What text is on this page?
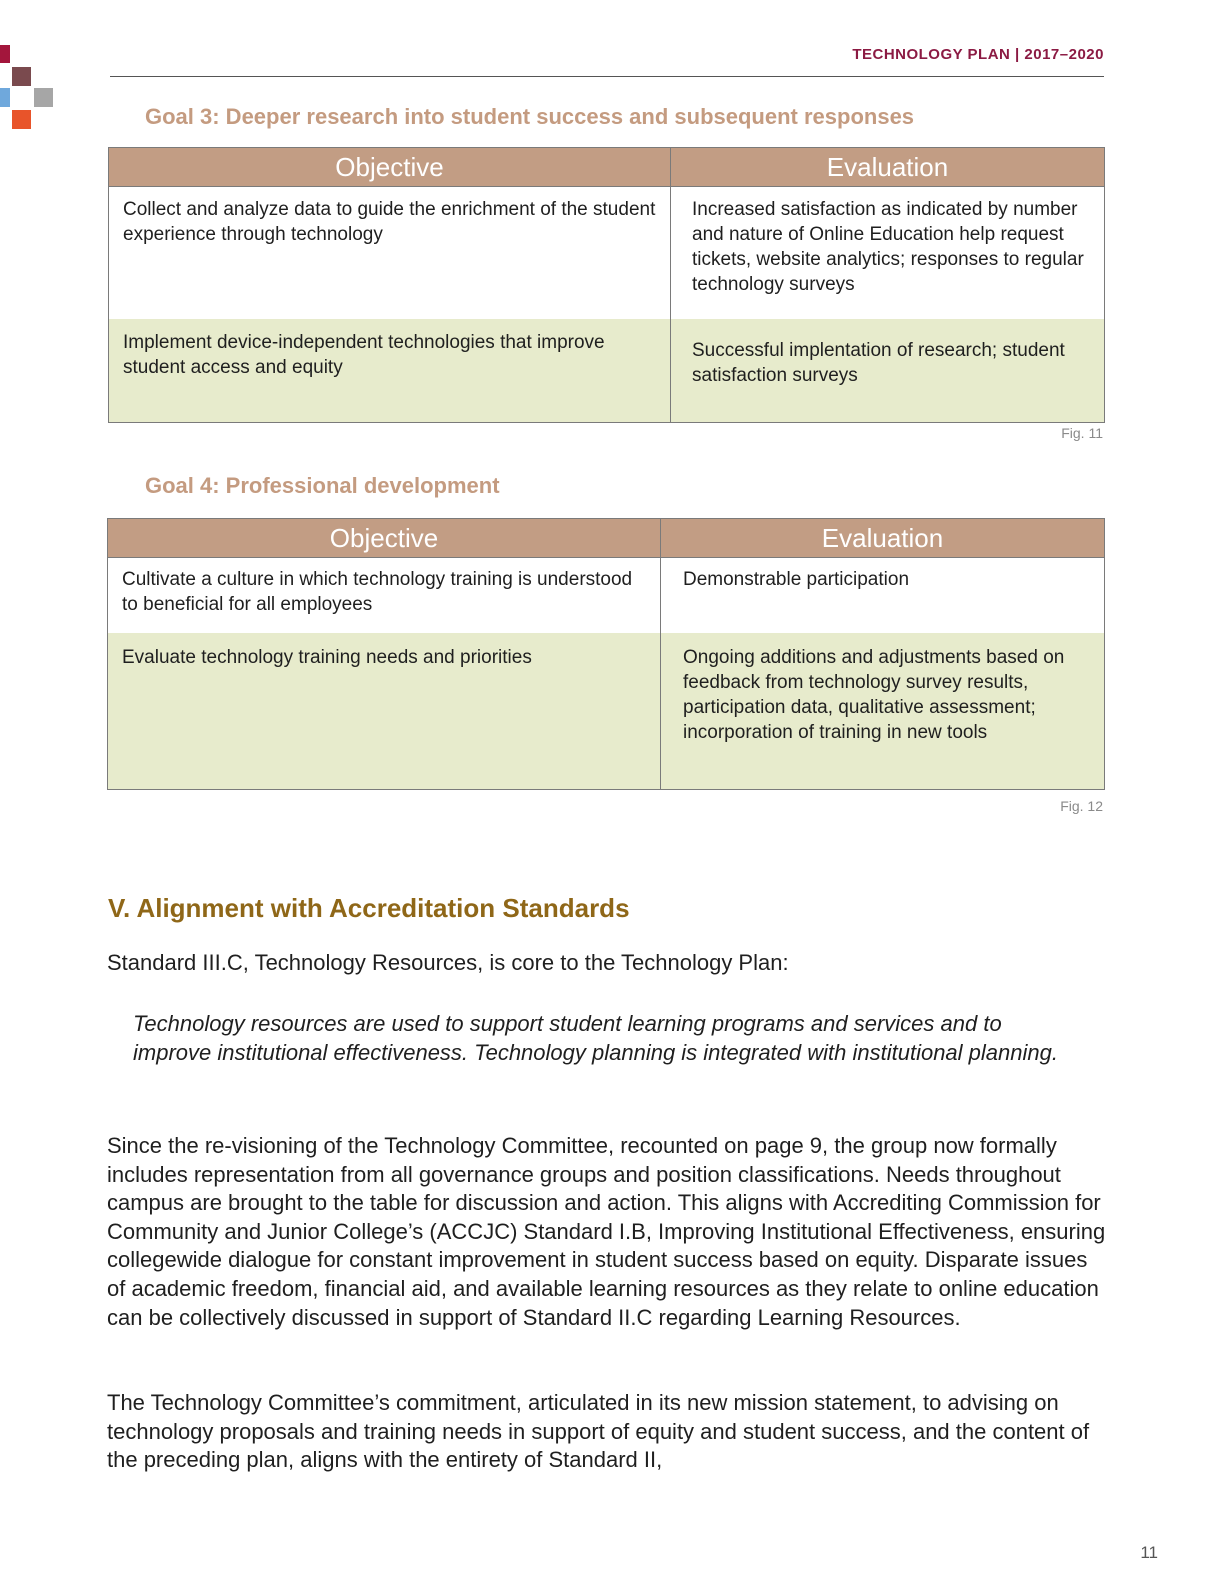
TECHNOLOGY PLAN | 2017–2020
Goal 3: Deeper research into student success and subsequent responses
Objective	Evaluation
Collect and analyze data to guide the enrichment of the student experience through technology	Increased satisfaction as indicated by number and nature of Online Education help request tickets, website analytics; responses to regular technology surveys
Implement device-independent technologies that improve student access and equity	Successful implentation of research; student satisfaction surveys
Fig. 11
Goal 4: Professional development
Objective	Evaluation
Cultivate a culture in which technology training is understood to beneficial for all employees	Demonstrable participation
Evaluate technology training needs and priorities	Ongoing additions and adjustments based on feedback from technology survey results, participation data, qualitative assessment; incorporation of training in new tools
Fig. 12
V. Alignment with Accreditation Standards

Standard III.C, Technology Resources, is core to the Technology Plan:

Technology resources are used to support student learning programs and services and to improve institutional effectiveness. Technology planning is integrated with institutional planning.

Since the re-visioning of the Technology Committee, recounted on page 9, the group now formally includes representation from all governance groups and position classifications. Needs throughout campus are brought to the table for discussion and action. This aligns with Accrediting Commission for Community and Junior College’s (ACCJC) Standard I.B, Improving Institutional Effectiveness, ensuring collegewide dialogue for constant improvement in student success based on equity. Disparate issues of academic freedom, financial aid, and available learning resources as they relate to online education can be collectively discussed in support of Standard II.C regarding Learning Resources.

The Technology Committee’s commitment, articulated in its new mission statement, to advising on technology proposals and training needs in support of equity and student success, and the content of the preceding plan, aligns with the entirety of Standard II,

11
